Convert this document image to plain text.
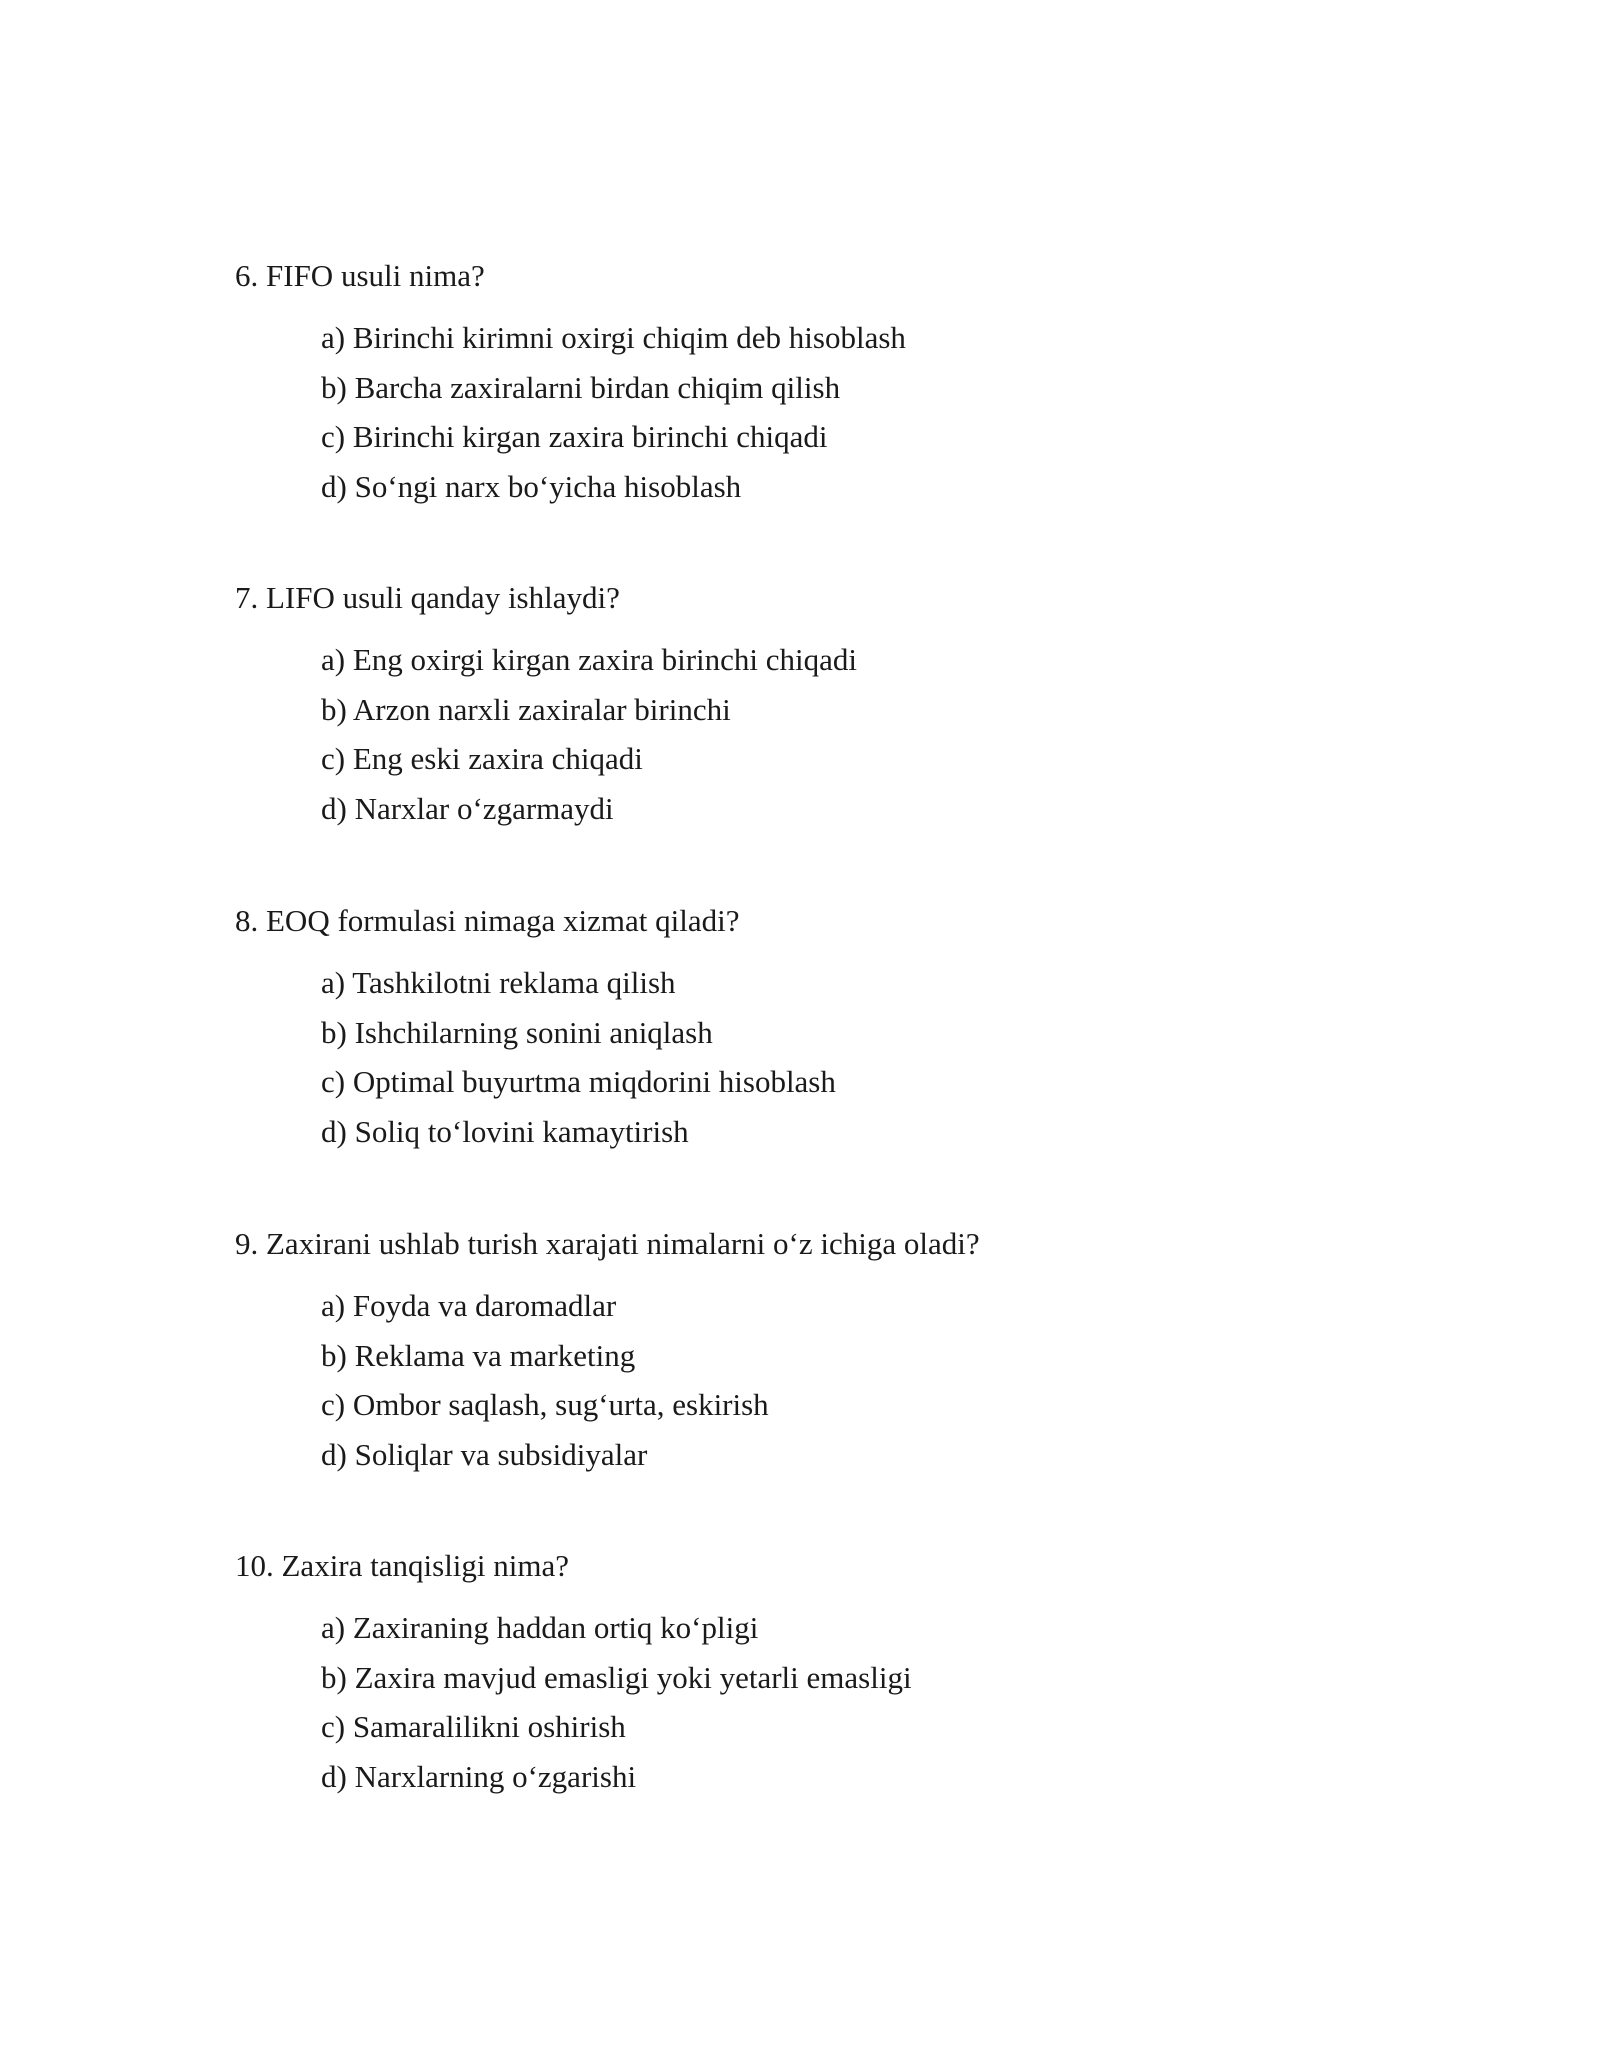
6. FIFO usuli nima?
a) Birinchi kirimni oxirgi chiqim deb hisoblash
b) Barcha zaxiralarni birdan chiqim qilish
c) Birinchi kirgan zaxira birinchi chiqadi
d) So‘ngi narx bo‘yicha hisoblash
7. LIFO usuli qanday ishlaydi?
a) Eng oxirgi kirgan zaxira birinchi chiqadi
b) Arzon narxli zaxiralar birinchi
c) Eng eski zaxira chiqadi
d) Narxlar o‘zgarmaydi
8. EOQ formulasi nimaga xizmat qiladi?
a) Tashkilotni reklama qilish
b) Ishchilarning sonini aniqlash
c) Optimal buyurtma miqdorini hisoblash
d) Soliq to‘lovini kamaytirish
9. Zaxirani ushlab turish xarajati nimalarni o‘z ichiga oladi?
a) Foyda va daromadlar
b) Reklama va marketing
c) Ombor saqlash, sug‘urta, eskirish
d) Soliqlar va subsidiyalar
10. Zaxira tanqisligi nima?
a) Zaxiraning haddan ortiq ko‘pligi
b) Zaxira mavjud emasligi yoki yetarli emasligi
c) Samaralilikni oshirish
d) Narxlarning o‘zgarishi
